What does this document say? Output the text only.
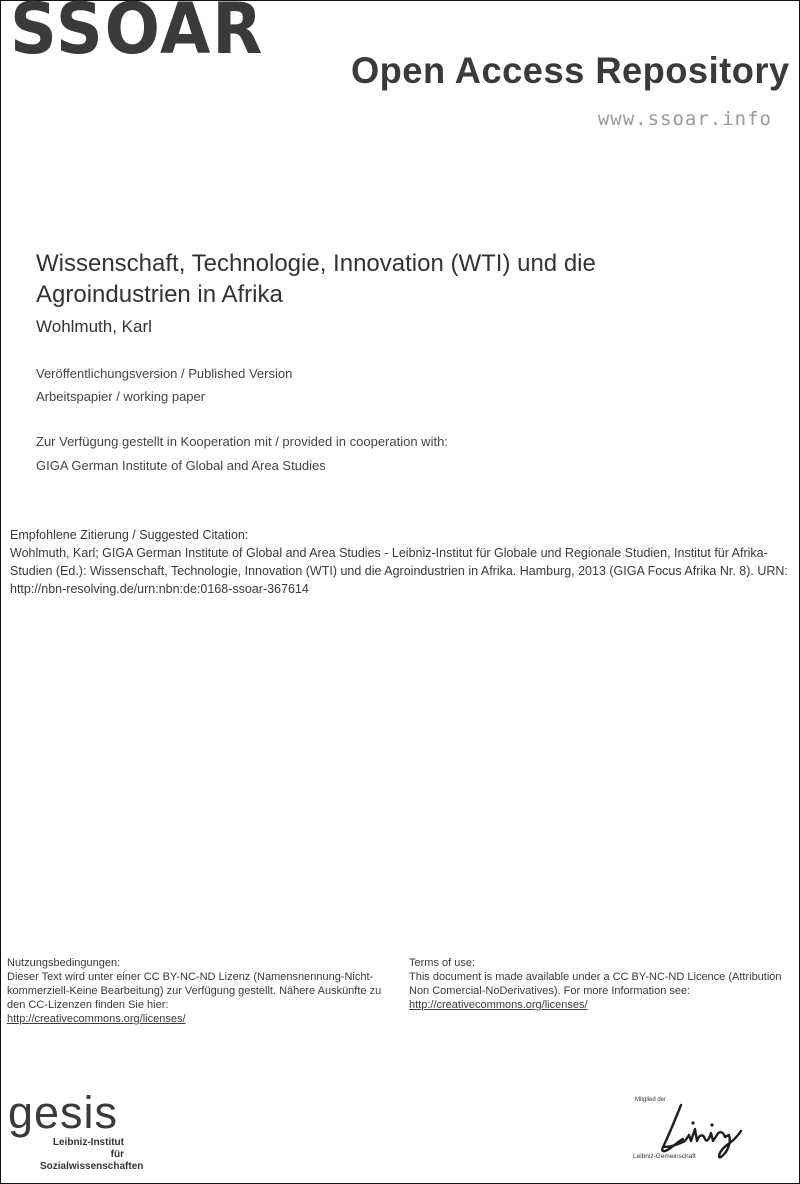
SSOAR
Open Access Repository
www.ssoar.info
Wissenschaft, Technologie, Innovation (WTI) und die
Agroindustrien in Afrika
Wohlmuth, Karl
Veröffentlichungsversion / Published Version
Arbeitspapier / working paper
Zur Verfügung gestellt in Kooperation mit / provided in cooperation with:
GIGA German Institute of Global and Area Studies
Empfohlene Zitierung / Suggested Citation:
Wohlmuth, Karl; GIGA German Institute of Global and Area Studies - Leibniz-Institut für Globale und Regionale Studien, Institut für Afrika-Studien (Ed.): Wissenschaft, Technologie, Innovation (WTI) und die Agroindustrien in Afrika. Hamburg, 2013 (GIGA Focus Afrika Nr. 8). URN: http://nbn-resolving.de/urn:nbn:de:0168-ssoar-367614
Nutzungsbedingungen:
Dieser Text wird unter einer CC BY-NC-ND Lizenz (Namensnennung-Nicht-kommerziell-Keine Bearbeitung) zur Verfügung gestellt. Nähere Auskünfte zu den CC-Lizenzen finden Sie hier:
http://creativecommons.org/licenses/
Terms of use:
This document is made available under a CC BY-NC-ND Licence (Attribution Non Comercial-NoDerivatives). For more Information see:
http://creativecommons.org/licenses/
gesis
Leibniz-Institut
für Sozialwissenschaften
Mitglied der
Leibniz-Gemeinschaft
